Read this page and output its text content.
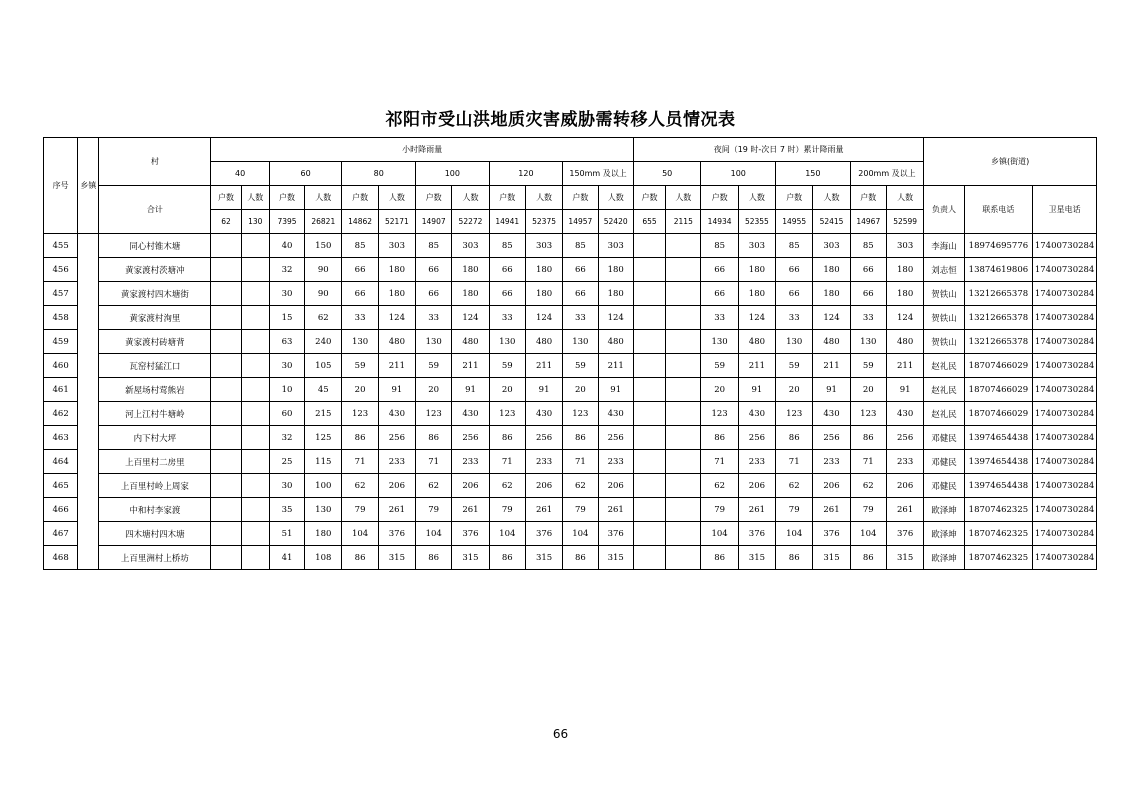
祁阳市受山洪地质灾害威胁需转移人员情况表
序号	乡镇	村	小时降雨量												夜间（19 时-次日 7 时）累计降雨量								乡镇(街道)		
			40		60		80		100		120		150mm 及以上		50		100		150		200mm 及以上				
		合计	户数	人数	户数	人数	户数	人数	户数	人数	户数	人数	户数	人数	户数	人数	户数	人数	户数	人数	户数	人数	负责人	联系电话	卫星电话
			62	130	7395	26821	14862	52171	14907	52272	14941	52375	14957	52420	655	2115	14934	52355	14955	52415	14967	52599			
455		同心村锥木塘			40	150	85	303	85	303	85	303	85	303			85	303	85	303	85	303	李海山	18974695776	17400730284
456		黄家渡村茨塘冲			32	90	66	180	66	180	66	180	66	180			66	180	66	180	66	180	刘志恒	13874619806	17400730284
457		黄家渡村四木塘街			30	90	66	180	66	180	66	180	66	180			66	180	66	180	66	180	贺铁山	13212665378	17400730284
458		黄家渡村洵里			15	62	33	124	33	124	33	124	33	124			33	124	33	124	33	124	贺铁山	13212665378	17400730284
459		黄家渡村砖塘背			63	240	130	480	130	480	130	480	130	480			130	480	130	480	130	480	贺铁山	13212665378	17400730284
460		瓦窑村猛江口			30	105	59	211	59	211	59	211	59	211			59	211	59	211	59	211	赵礼民	18707466029	17400730284
461		新屋场村莺熊岩			10	45	20	91	20	91	20	91	20	91			20	91	20	91	20	91	赵礼民	18707466029	17400730284
462		河上江村牛塘岭			60	215	123	430	123	430	123	430	123	430			123	430	123	430	123	430	赵礼民	18707466029	17400730284
463		内下村大坪			32	125	86	256	86	256	86	256	86	256			86	256	86	256	86	256	邓健民	13974654438	17400730284
464		上百里村二房里			25	115	71	233	71	233	71	233	71	233			71	233	71	233	71	233	邓健民	13974654438	17400730284
465		上百里村岭上周家			30	100	62	206	62	206	62	206	62	206			62	206	62	206	62	206	邓健民	13974654438	17400730284
466		中和村李家渡			35	130	79	261	79	261	79	261	79	261			79	261	79	261	79	261	欧泽坤	18707462325	17400730284
467		四木塘村四木塘			51	180	104	376	104	376	104	376	104	376			104	376	104	376	104	376	欧泽坤	18707462325	17400730284
468		上百里洲村上桥坊			41	108	86	315	86	315	86	315	86	315			86	315	86	315	86	315	欧泽坤	18707462325	17400730284
66
